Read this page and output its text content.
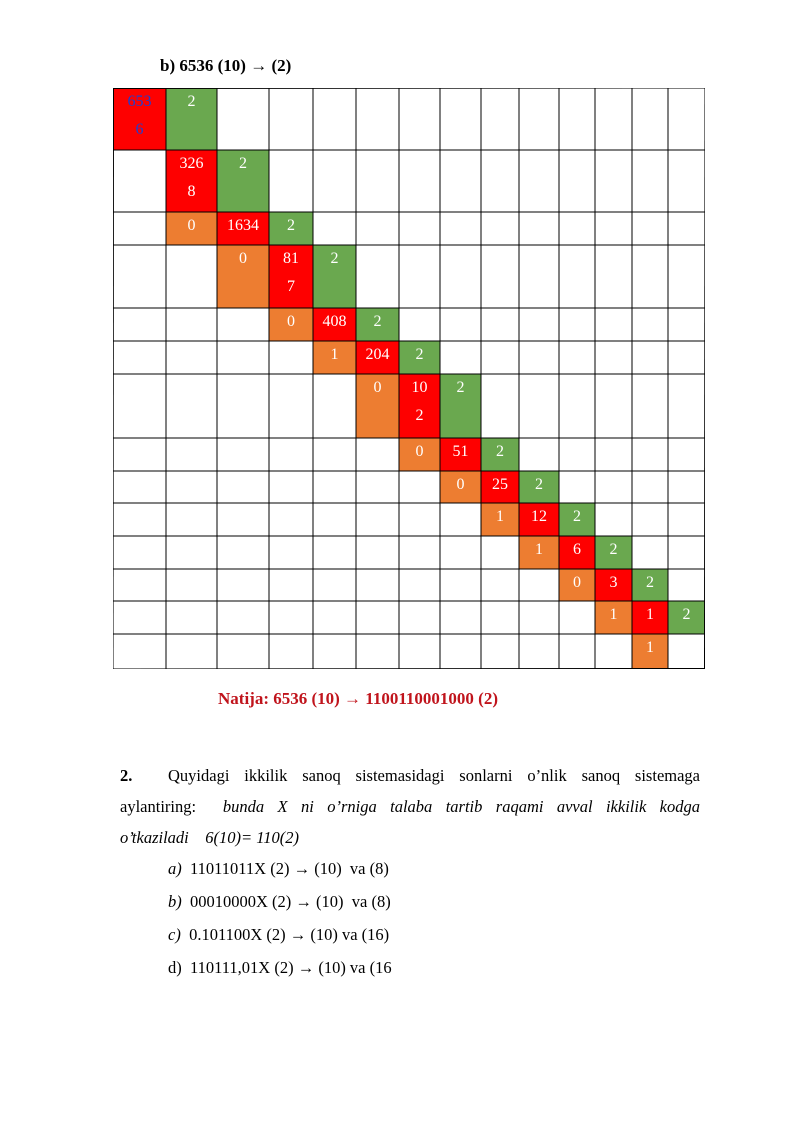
b) 6536 (10) → (2)
653
6
2
326
8
2
0 1634 2
0 81
7
2
0 408 2
1 204 2
0 10
2
2
0 51 2
0 25 2
1 12 2
1 6 2
0 3 2
1 1 2
1
Natija: 6536 (10) → 1100110001000 (2)
2. Quyidagi ikkilik sanoq sistemasidagi sonlarni o’nlik sanoq sistemaga
aylantiring: bunda X ni o’rniga talaba tartib raqami avval ikkilik kodga
o’tkaziladi    6(10)= 110(2)
a) 11011011X (2) → (10)  va (8)
b) 00010000X (2) → (10)  va (8)
c) 0.101100X (2) → (10) va (16)
d) 110111,01X (2) → (10) va (16
